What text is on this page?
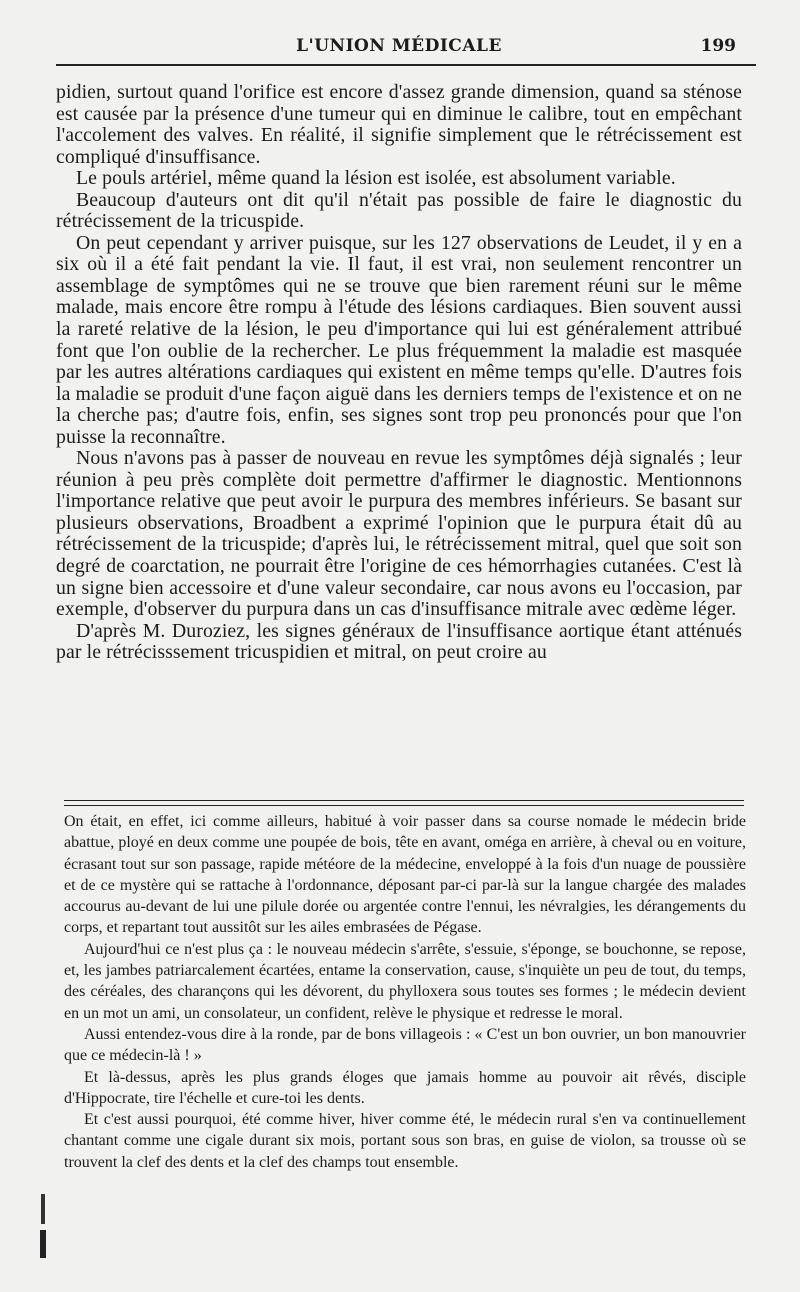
L'UNION MÉDICALE	199

pidien, surtout quand l'orifice est encore d'assez grande dimension, quand sa sténose est causée par la présence d'une tumeur qui en diminue le calibre, tout en empêchant l'accolement des valves. En réalité, il signifie simplement que le rétrécissement est compliqué d'insuffisance.

Le pouls artériel, même quand la lésion est isolée, est absolument variable.

Beaucoup d'auteurs ont dit qu'il n'était pas possible de faire le diagnostic du rétrécissement de la tricuspide.

On peut cependant y arriver puisque, sur les 127 observations de Leudet, il y en a six où il a été fait pendant la vie. Il faut, il est vrai, non seulement rencontrer un assemblage de symptômes qui ne se trouve que bien rarement réuni sur le même malade, mais encore être rompu à l'étude des lésions cardiaques. Bien souvent aussi la rareté relative de la lésion, le peu d'importance qui lui est généralement attribué font que l'on oublie de la rechercher. Le plus fréquemment la maladie est masquée par les autres altérations cardiaques qui existent en même temps qu'elle. D'autres fois la maladie se produit d'une façon aiguë dans les derniers temps de l'existence et on ne la cherche pas; d'autre fois, enfin, ses signes sont trop peu prononcés pour que l'on puisse la reconnaître.

Nous n'avons pas à passer de nouveau en revue les symptômes déjà signalés ; leur réunion à peu près complète doit permettre d'affirmer le diagnostic. Mentionnons l'importance relative que peut avoir le purpura des membres inférieurs. Se basant sur plusieurs observations, Broadbent a exprimé l'opinion que le purpura était dû au rétrécissement de la tricuspide; d'après lui, le rétrécissement mitral, quel que soit son degré de coarctation, ne pourrait être l'origine de ces hémorrhagies cutanées. C'est là un signe bien accessoire et d'une valeur secondaire, car nous avons eu l'occasion, par exemple, d'observer du purpura dans un cas d'insuffisance mitrale avec œdème léger.

D'après M. Duroziez, les signes généraux de l'insuffisance aortique étant atténués par le rétrécisssement tricuspidien et mitral, on peut croire au

On était, en effet, ici comme ailleurs, habitué à voir passer dans sa course nomade le médecin bride abattue, ployé en deux comme une poupée de bois, tête en avant, oméga en arrière, à cheval ou en voiture, écrasant tout sur son passage, rapide météore de la médecine, enveloppé à la fois d'un nuage de poussière et de ce mystère qui se rattache à l'ordonnance, déposant par-ci par-là sur la langue chargée des malades accourus au-devant de lui une pilule dorée ou argentée contre l'ennui, les névralgies, les dérangements du corps, et repartant tout aussitôt sur les ailes embrasées de Pégase.

Aujourd'hui ce n'est plus ça : le nouveau médecin s'arrête, s'essuie, s'éponge, se bouchonne, se repose, et, les jambes patriarcalement écartées, entame la conservation, cause, s'inquiète un peu de tout, du temps, des céréales, des charançons qui les dévorent, du phylloxera sous toutes ses formes ; le médecin devient en un mot un ami, un consolateur, un confident, relève le physique et redresse le moral.

Aussi entendez-vous dire à la ronde, par de bons villageois : « C'est un bon ouvrier, un bon manouvrier que ce médecin-là ! »

Et là-dessus, après les plus grands éloges que jamais homme au pouvoir ait rêvés, disciple d'Hippocrate, tire l'échelle et cure-toi les dents.

Et c'est aussi pourquoi, été comme hiver, hiver comme été, le médecin rural s'en va continuellement chantant comme une cigale durant six mois, portant sous son bras, en guise de violon, sa trousse où se trouvent la clef des dents et la clef des champs tout ensemble.
